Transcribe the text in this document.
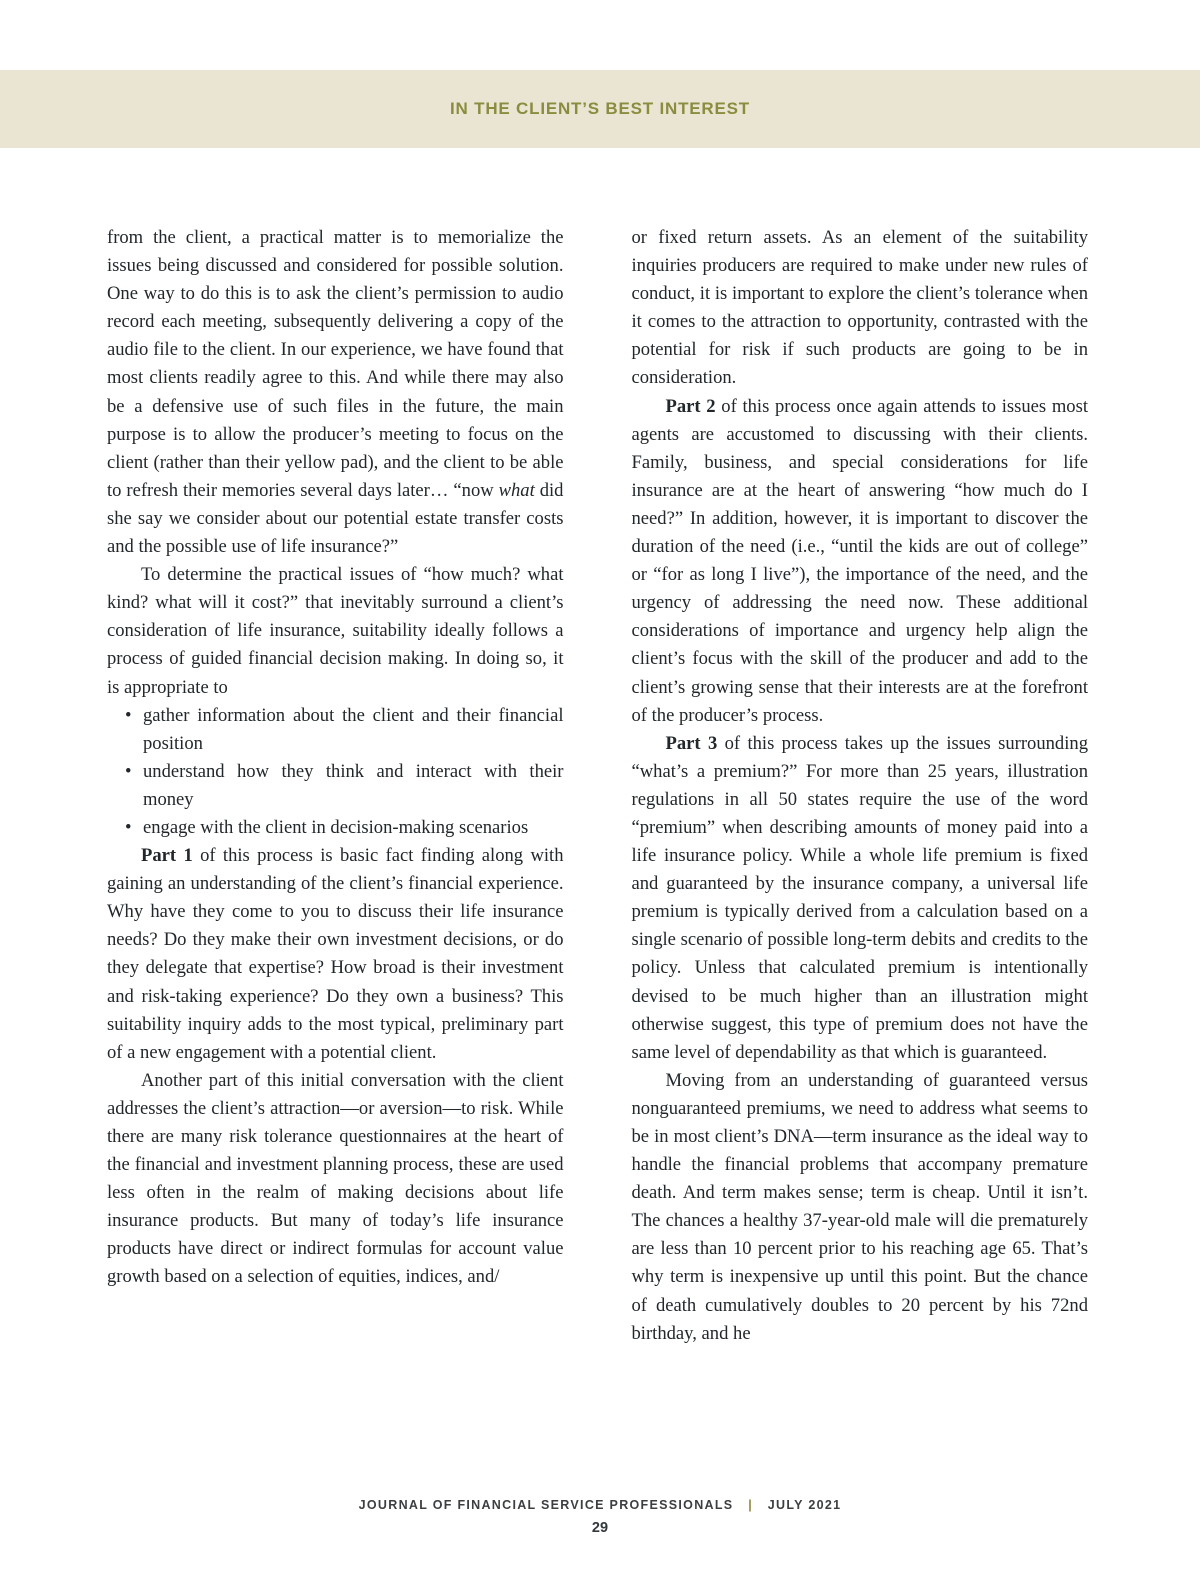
IN THE CLIENT’S BEST INTEREST

from the client, a practical matter is to memorialize the issues being discussed and considered for possible solution. One way to do this is to ask the client’s permission to audio record each meeting, subsequently delivering a copy of the audio file to the client. In our experience, we have found that most clients readily agree to this. And while there may also be a defensive use of such files in the future, the main purpose is to allow the producer’s meeting to focus on the client (rather than their yellow pad), and the client to be able to refresh their memories several days later… “now what did she say we consider about our potential estate transfer costs and the possible use of life insurance?”

To determine the practical issues of “how much? what kind? what will it cost?” that inevitably surround a client’s consideration of life insurance, suitability ideally follows a process of guided financial decision making. In doing so, it is appropriate to

• gather information about the client and their financial position
• understand how they think and interact with their money
• engage with the client in decision-making scenarios

Part 1 of this process is basic fact finding along with gaining an understanding of the client’s financial experience. Why have they come to you to discuss their life insurance needs? Do they make their own investment decisions, or do they delegate that expertise? How broad is their investment and risk-taking experience? Do they own a business? This suitability inquiry adds to the most typical, preliminary part of a new engagement with a potential client.

Another part of this initial conversation with the client addresses the client’s attraction—or aversion—to risk. While there are many risk tolerance questionnaires at the heart of the financial and investment planning process, these are used less often in the realm of making decisions about life insurance products. But many of today’s life insurance products have direct or indirect formulas for account value growth based on a selection of equities, indices, and/

or fixed return assets. As an element of the suitability inquiries producers are required to make under new rules of conduct, it is important to explore the client’s tolerance when it comes to the attraction to opportunity, contrasted with the potential for risk if such products are going to be in consideration.

Part 2 of this process once again attends to issues most agents are accustomed to discussing with their clients. Family, business, and special considerations for life insurance are at the heart of answering “how much do I need?” In addition, however, it is important to discover the duration of the need (i.e., “until the kids are out of college” or “for as long I live”), the importance of the need, and the urgency of addressing the need now. These additional considerations of importance and urgency help align the client’s focus with the skill of the producer and add to the client’s growing sense that their interests are at the forefront of the producer’s process.

Part 3 of this process takes up the issues surrounding “what’s a premium?” For more than 25 years, illustration regulations in all 50 states require the use of the word “premium” when describing amounts of money paid into a life insurance policy. While a whole life premium is fixed and guaranteed by the insurance company, a universal life premium is typically derived from a calculation based on a single scenario of possible long-term debits and credits to the policy. Unless that calculated premium is intentionally devised to be much higher than an illustration might otherwise suggest, this type of premium does not have the same level of dependability as that which is guaranteed.

Moving from an understanding of guaranteed versus nonguaranteed premiums, we need to address what seems to be in most client’s DNA—term insurance as the ideal way to handle the financial problems that accompany premature death. And term makes sense; term is cheap. Until it isn’t. The chances a healthy 37-year-old male will die prematurely are less than 10 percent prior to his reaching age 65. That’s why term is inexpensive up until this point. But the chance of death cumulatively doubles to 20 percent by his 72nd birthday, and he

JOURNAL OF FINANCIAL SERVICE PROFESSIONALS | JULY 2021
29
